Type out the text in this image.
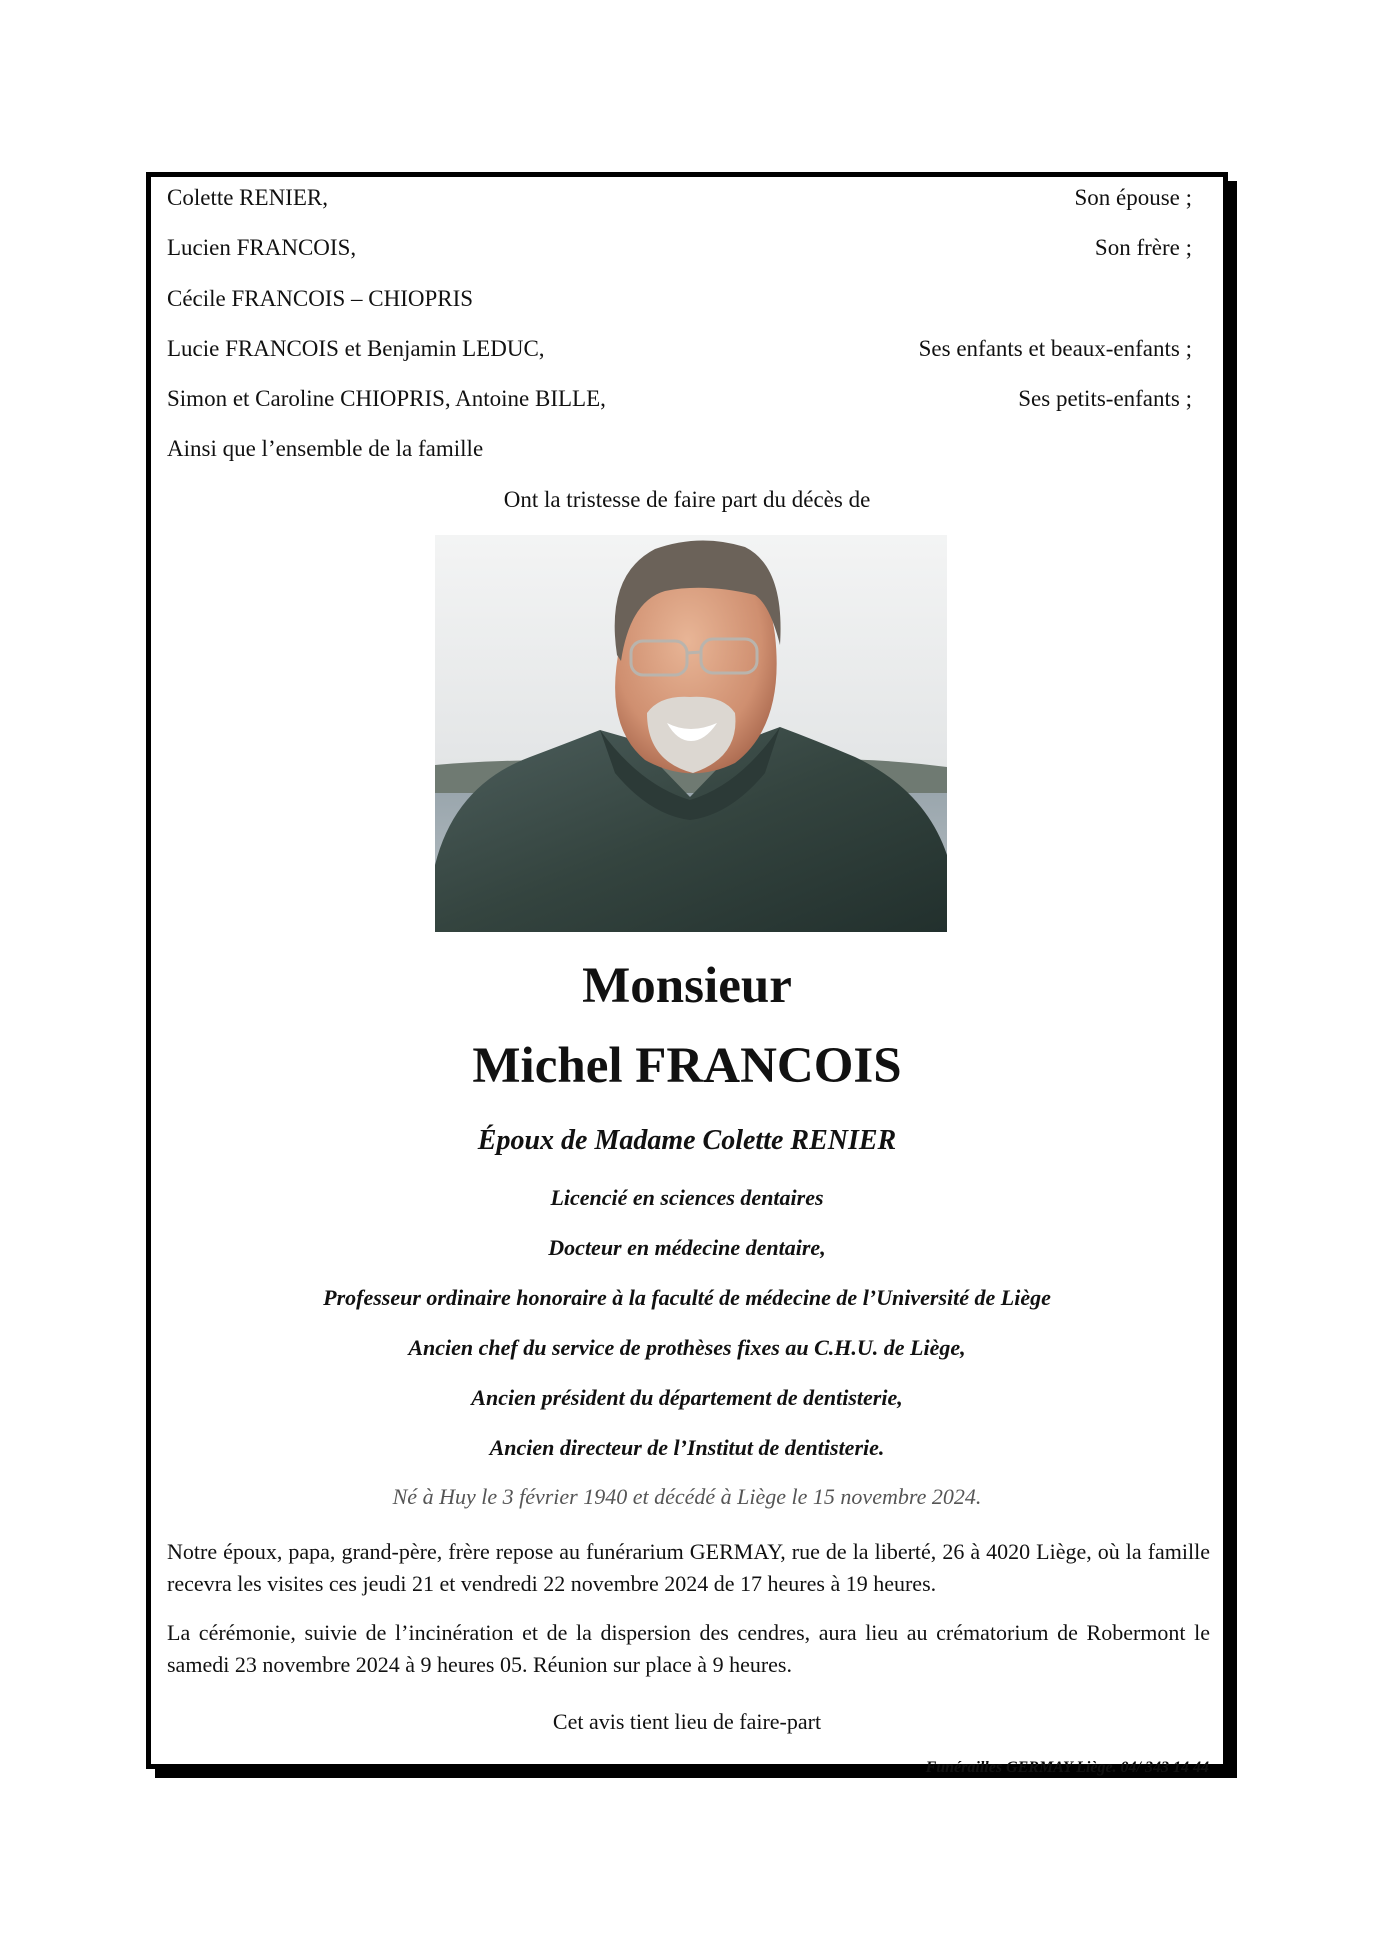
Colette RENIER,	Son épouse ;
Lucien FRANCOIS,	Son frère ;
Cécile FRANCOIS – CHIOPRIS
Lucie FRANCOIS et Benjamin LEDUC,	Ses enfants et beaux-enfants ;
Simon et Caroline CHIOPRIS, Antoine BILLE,	Ses petits-enfants ;
Ainsi que l’ensemble de la famille
Ont la tristesse de faire part du décès de
Monsieur
Michel FRANCOIS
Époux de Madame Colette RENIER
Licencié en sciences dentaires
Docteur en médecine dentaire,
Professeur ordinaire honoraire à la faculté de médecine de l’Université de Liège
Ancien chef du service de prothèses fixes au C.H.U. de Liège,
Ancien président du département de dentisterie,
Ancien directeur de l’Institut de dentisterie.
Né à Huy le 3 février 1940 et décédé à Liège le 15 novembre 2024.
Notre époux, papa, grand-père, frère repose au funérarium GERMAY, rue de la liberté, 26 à 4020 Liège, où la famille recevra les visites ces jeudi 21 et vendredi 22 novembre 2024 de 17 heures à 19 heures.
La cérémonie, suivie de l’incinération et de la dispersion des cendres, aura lieu au crématorium de Robermont le samedi 23 novembre 2024 à 9 heures 05. Réunion sur place à 9 heures.
Cet avis tient lieu de faire-part
Funérailles GERMAY Liège. 04/ 343 14 44
